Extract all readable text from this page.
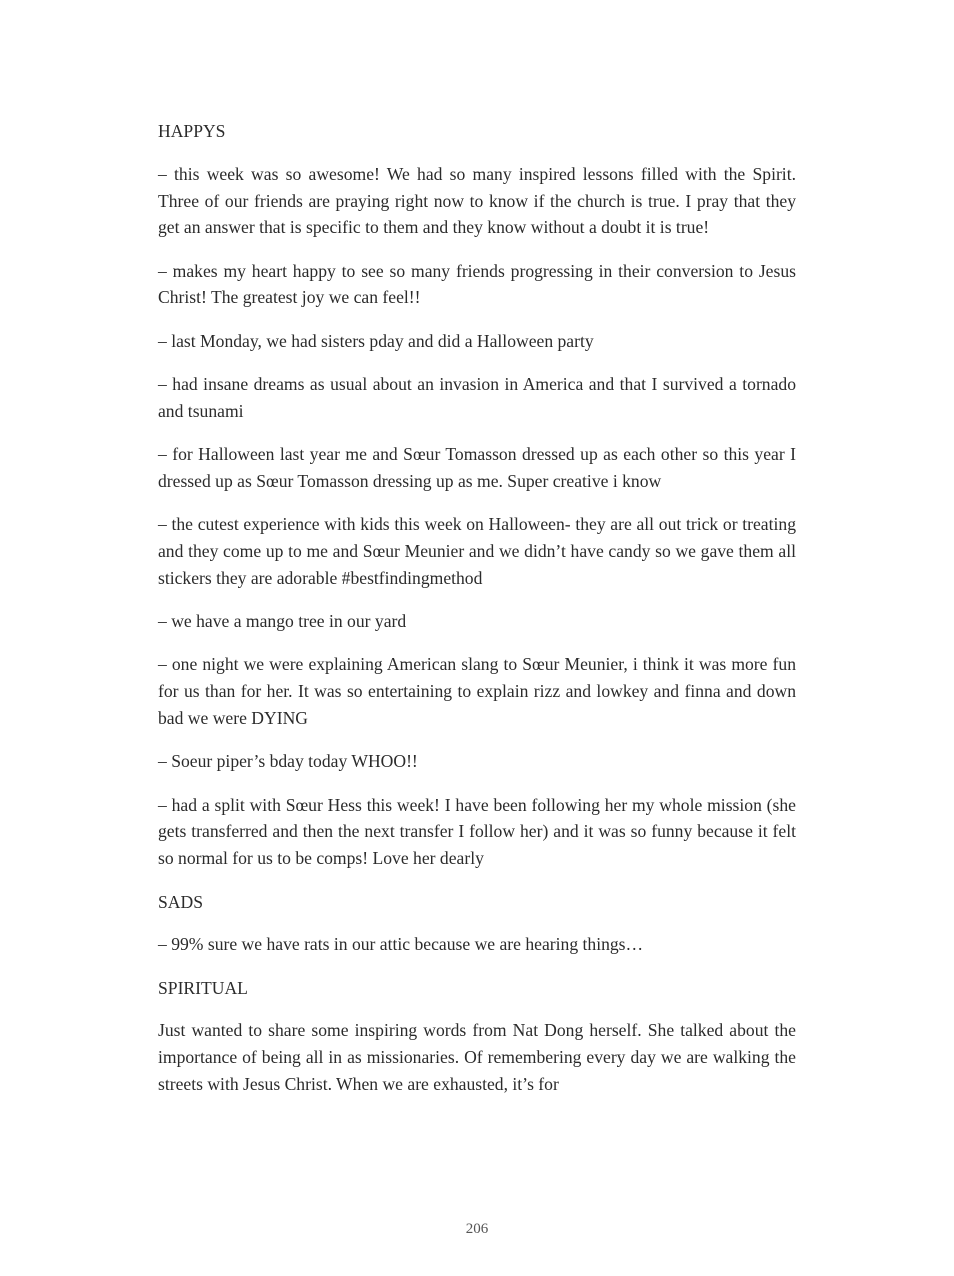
HAPPYS

– this week was so awesome! We had so many inspired lessons filled with the Spirit. Three of our friends are praying right now to know if the church is true. I pray that they get an answer that is specific to them and they know without a doubt it is true!

– makes my heart happy to see so many friends progressing in their conversion to Jesus Christ! The greatest joy we can feel!!

– last Monday, we had sisters pday and did a Halloween party

– had insane dreams as usual about an invasion in America and that I survived a tornado and tsunami

– for Halloween last year me and Sœur Tomasson dressed up as each other so this year I dressed up as Sœur Tomasson dressing up as me. Super creative i know

– the cutest experience with kids this week on Halloween- they are all out trick or treating and they come up to me and Sœur Meunier and we didn’t have candy so we gave them all stickers they are adorable #bestfindingmethod

– we have a mango tree in our yard

– one night we were explaining American slang to Sœur Meunier, i think it was more fun for us than for her. It was so entertaining to explain rizz and lowkey and finna and down bad we were DYING

– Soeur piper’s bday today WHOO!!

– had a split with Sœur Hess this week! I have been following her my whole mission (she gets transferred and then the next transfer I follow her) and it was so funny because it felt so normal for us to be comps! Love her dearly

SADS

– 99% sure we have rats in our attic because we are hearing things…

SPIRITUAL

Just wanted to share some inspiring words from Nat Dong herself. She talked about the importance of being all in as missionaries. Of remembering every day we are walking the streets with Jesus Christ. When we are exhausted, it’s for

206
